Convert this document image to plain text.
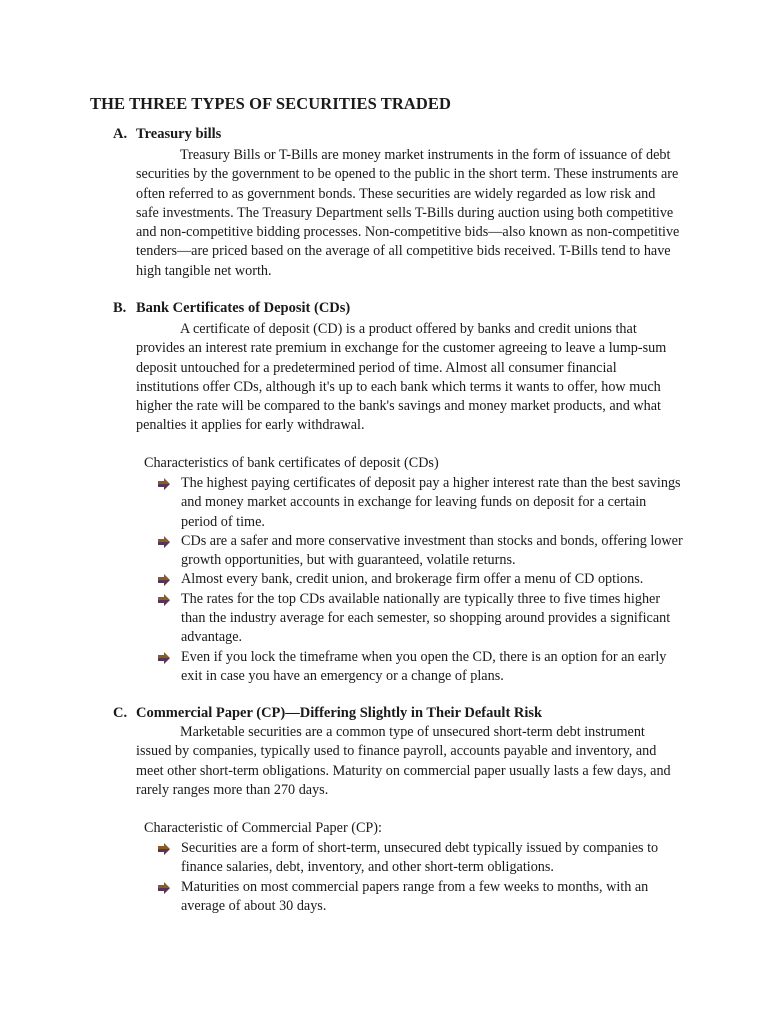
THE THREE TYPES OF SECURITIES TRADED
A. Treasury bills

Treasury Bills or T-Bills are money market instruments in the form of issuance of debt securities by the government to be opened to the public in the short term. These instruments are often referred to as government bonds. These securities are widely regarded as low risk and safe investments. The Treasury Department sells T-Bills during auction using both competitive and non-competitive bidding processes. Non-competitive bids—also known as non-competitive tenders—are priced based on the average of all competitive bids received. T-Bills tend to have high tangible net worth.

B. Bank Certificates of Deposit (CDs)

A certificate of deposit (CD) is a product offered by banks and credit unions that provides an interest rate premium in exchange for the customer agreeing to leave a lump-sum deposit untouched for a predetermined period of time. Almost all consumer financial institutions offer CDs, although it's up to each bank which terms it wants to offer, how much higher the rate will be compared to the bank's savings and money market products, and what penalties it applies for early withdrawal.

Characteristics of bank certificates of deposit (CDs)

The highest paying certificates of deposit pay a higher interest rate than the best savings and money market accounts in exchange for leaving funds on deposit for a certain period of time.
CDs are a safer and more conservative investment than stocks and bonds, offering lower growth opportunities, but with guaranteed, volatile returns.
Almost every bank, credit union, and brokerage firm offer a menu of CD options.
The rates for the top CDs available nationally are typically three to five times higher than the industry average for each semester, so shopping around provides a significant advantage.
Even if you lock the timeframe when you open the CD, there is an option for an early exit in case you have an emergency or a change of plans.
C. Commercial Paper (CP)—Differing Slightly in Their Default Risk

Marketable securities are a common type of unsecured short-term debt instrument issued by companies, typically used to finance payroll, accounts payable and inventory, and meet other short-term obligations. Maturity on commercial paper usually lasts a few days, and rarely ranges more than 270 days.

Characteristic of Commercial Paper (CP):

Securities are a form of short-term, unsecured debt typically issued by companies to finance salaries, debt, inventory, and other short-term obligations.
Maturities on most commercial papers range from a few weeks to months, with an average of about 30 days.
